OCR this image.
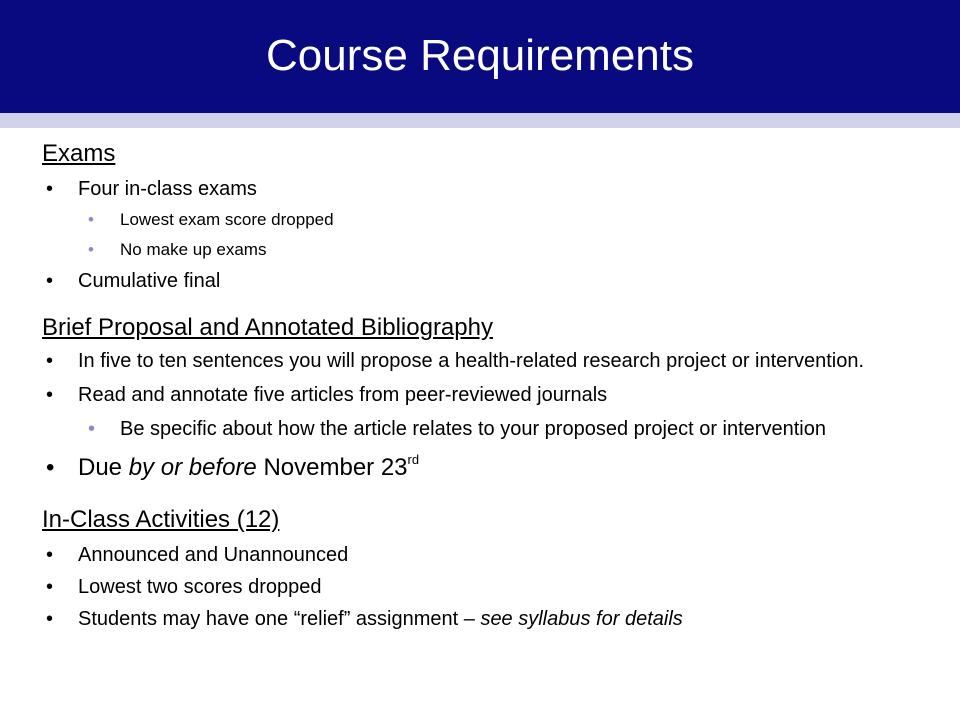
Course Requirements
Exams
• Four in-class exams
• Lowest exam score dropped
• No make up exams
• Cumulative final
Brief Proposal and Annotated Bibliography
• In five to ten sentences you will propose a health-related research project or intervention.
• Read and annotate five articles from peer-reviewed journals
• Be specific about how the article relates to your proposed project or intervention
• Due by or before November 23rd
In-Class Activities (12)
• Announced and Unannounced
• Lowest two scores dropped
• Students may have one “relief” assignment – see syllabus for details
